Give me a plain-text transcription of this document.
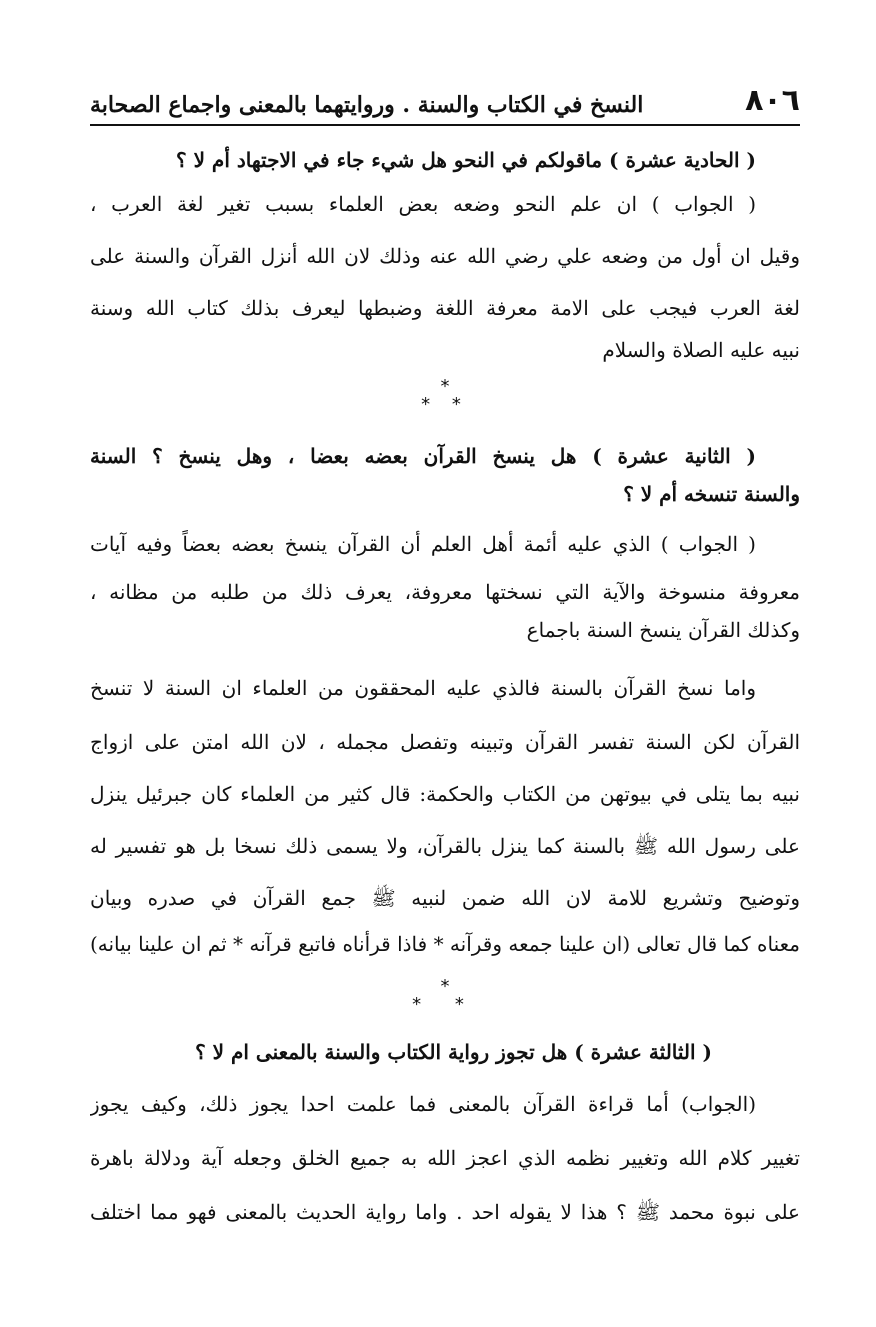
٨٠٦
النسخ في الكتاب والسنة . وروايتهما بالمعنى واجماع الصحابة
( الحادية عشرة ) ماقولكم في النحو هل شيء جاء في الاجتهاد أم لا ؟
( الجواب ) ان علم النحو وضعه بعض العلماء بسبب تغير لغة العرب ،
وقيل ان أول من وضعه علي رضي الله عنه وذلك لان الله أنزل القرآن والسنة على
لغة العرب فيجب على الامة معرفة اللغة وضبطها ليعرف بذلك كتاب الله وسنة
نبيه عليه الصلاة والسلام
*
* *
( الثانية عشرة ) هل ينسخ القرآن بعضه بعضا ، وهل ينسخ ؟ السنة
والسنة تنسخه أم لا ؟
( الجواب ) الذي عليه أئمة أهل العلم أن القرآن ينسخ بعضه بعضاً وفيه آيات
معروفة منسوخة والآية التي نسختها معروفة، يعرف ذلك من طلبه من مظانه ،
وكذلك القرآن ينسخ السنة باجماع
واما نسخ القرآن بالسنة فالذي عليه المحققون من العلماء ان السنة لا تنسخ
القرآن لكن السنة تفسر القرآن وتبينه وتفصل مجمله ، لان الله امتن على ازواج
نبيه بما يتلى في بيوتهن من الكتاب والحكمة: قال كثير من العلماء كان جبرئيل ينزل
على رسول الله ﷺ بالسنة كما ينزل بالقرآن، ولا يسمى ذلك نسخا بل هو تفسير له
وتوضيح وتشريع للامة لان الله ضمن لنبيه ﷺ جمع القرآن في صدره وبيان
معناه كما قال تعالى (ان علينا جمعه وقرآنه * فاذا قرأناه فاتبع قرآنه * ثم ان علينا بيانه)
*
* *
( الثالثة عشرة ) هل تجوز رواية الكتاب والسنة بالمعنى ام لا ؟
(الجواب) أما قراءة القرآن بالمعنى فما علمت احدا يجوز ذلك، وكيف يجوز
تغيير كلام الله وتغيير نظمه الذي اعجز الله به جميع الخلق وجعله آية ودلالة باهرة
على نبوة محمد ﷺ ؟ هذا لا يقوله احد . واما رواية الحديث بالمعنى فهو مما اختلف
